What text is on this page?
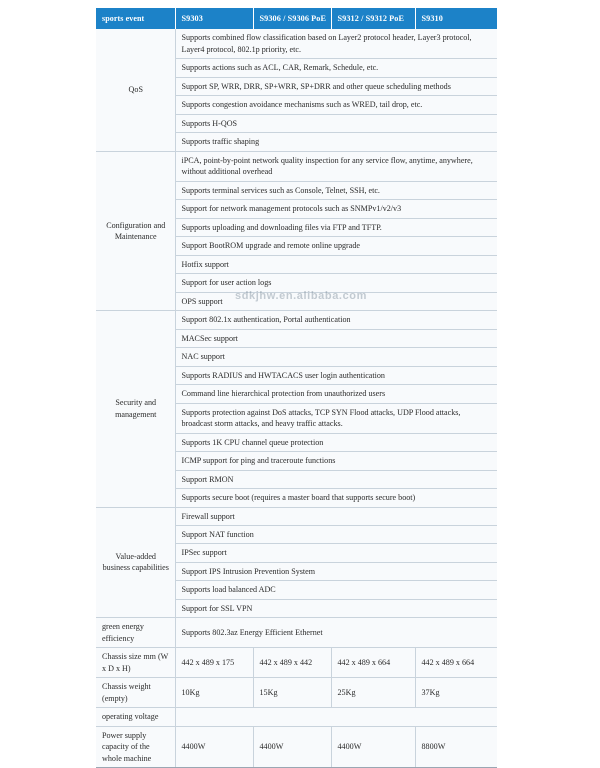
sports event	S9303	S9306 / S9306 PoE	S9312 / S9312 PoE	S9310
QoS	Supports combined flow classification based on Layer2 protocol header, Layer3 protocol, Layer4 protocol, 802.1p priority, etc.			
	Supports actions such as ACL, CAR, Remark, Schedule, etc.			
	Support SP, WRR, DRR, SP+WRR, SP+DRR and other queue scheduling methods			
	Supports congestion avoidance mechanisms such as WRED, tail drop, etc.			
	Supports H-QOS			
	Supports traffic shaping			
Configuration and Maintenance	iPCA, point-by-point network quality inspection for any service flow, anytime, anywhere, without additional overhead			
	Supports terminal services such as Console, Telnet, SSH, etc.			
	Support for network management protocols such as SNMPv1/v2/v3			
	Supports uploading and downloading files via FTP and TFTP.			
	Support BootROM upgrade and remote online upgrade			
	Hotfix support			
	Support for user action logs			
	OPS support			
Security and management	Support 802.1x authentication, Portal authentication			
	MACSec support			
	NAC support			
	Supports RADIUS and HWTACACS user login authentication			
	Command line hierarchical protection from unauthorized users			
	Supports protection against DoS attacks, TCP SYN Flood attacks, UDP Flood attacks, broadcast storm attacks, and heavy traffic attacks.			
	Supports 1K CPU channel queue protection			
	ICMP support for ping and traceroute functions			
	Support RMON			
	Supports secure boot (requires a master board that supports secure boot)			
Value-added business capabilities	Firewall support			
	Support NAT function			
	IPSec support			
	Support IPS Intrusion Prevention System			
	Supports load balanced ADC			
	Support for SSL VPN			
green energy efficiency	Supports 802.3az Energy Efficient Ethernet			
Chassis size mm (W x D x H)	442 x 489 x 175	442 x 489 x 442	442 x 489 x 664	442 x 489 x 664
Chassis weight (empty)	10Kg	15Kg	25Kg	37Kg
operating voltage				
Power supply capacity of the whole machine	4400W	4400W	4400W	8800W
sdkjhw.en.alibaba.com
